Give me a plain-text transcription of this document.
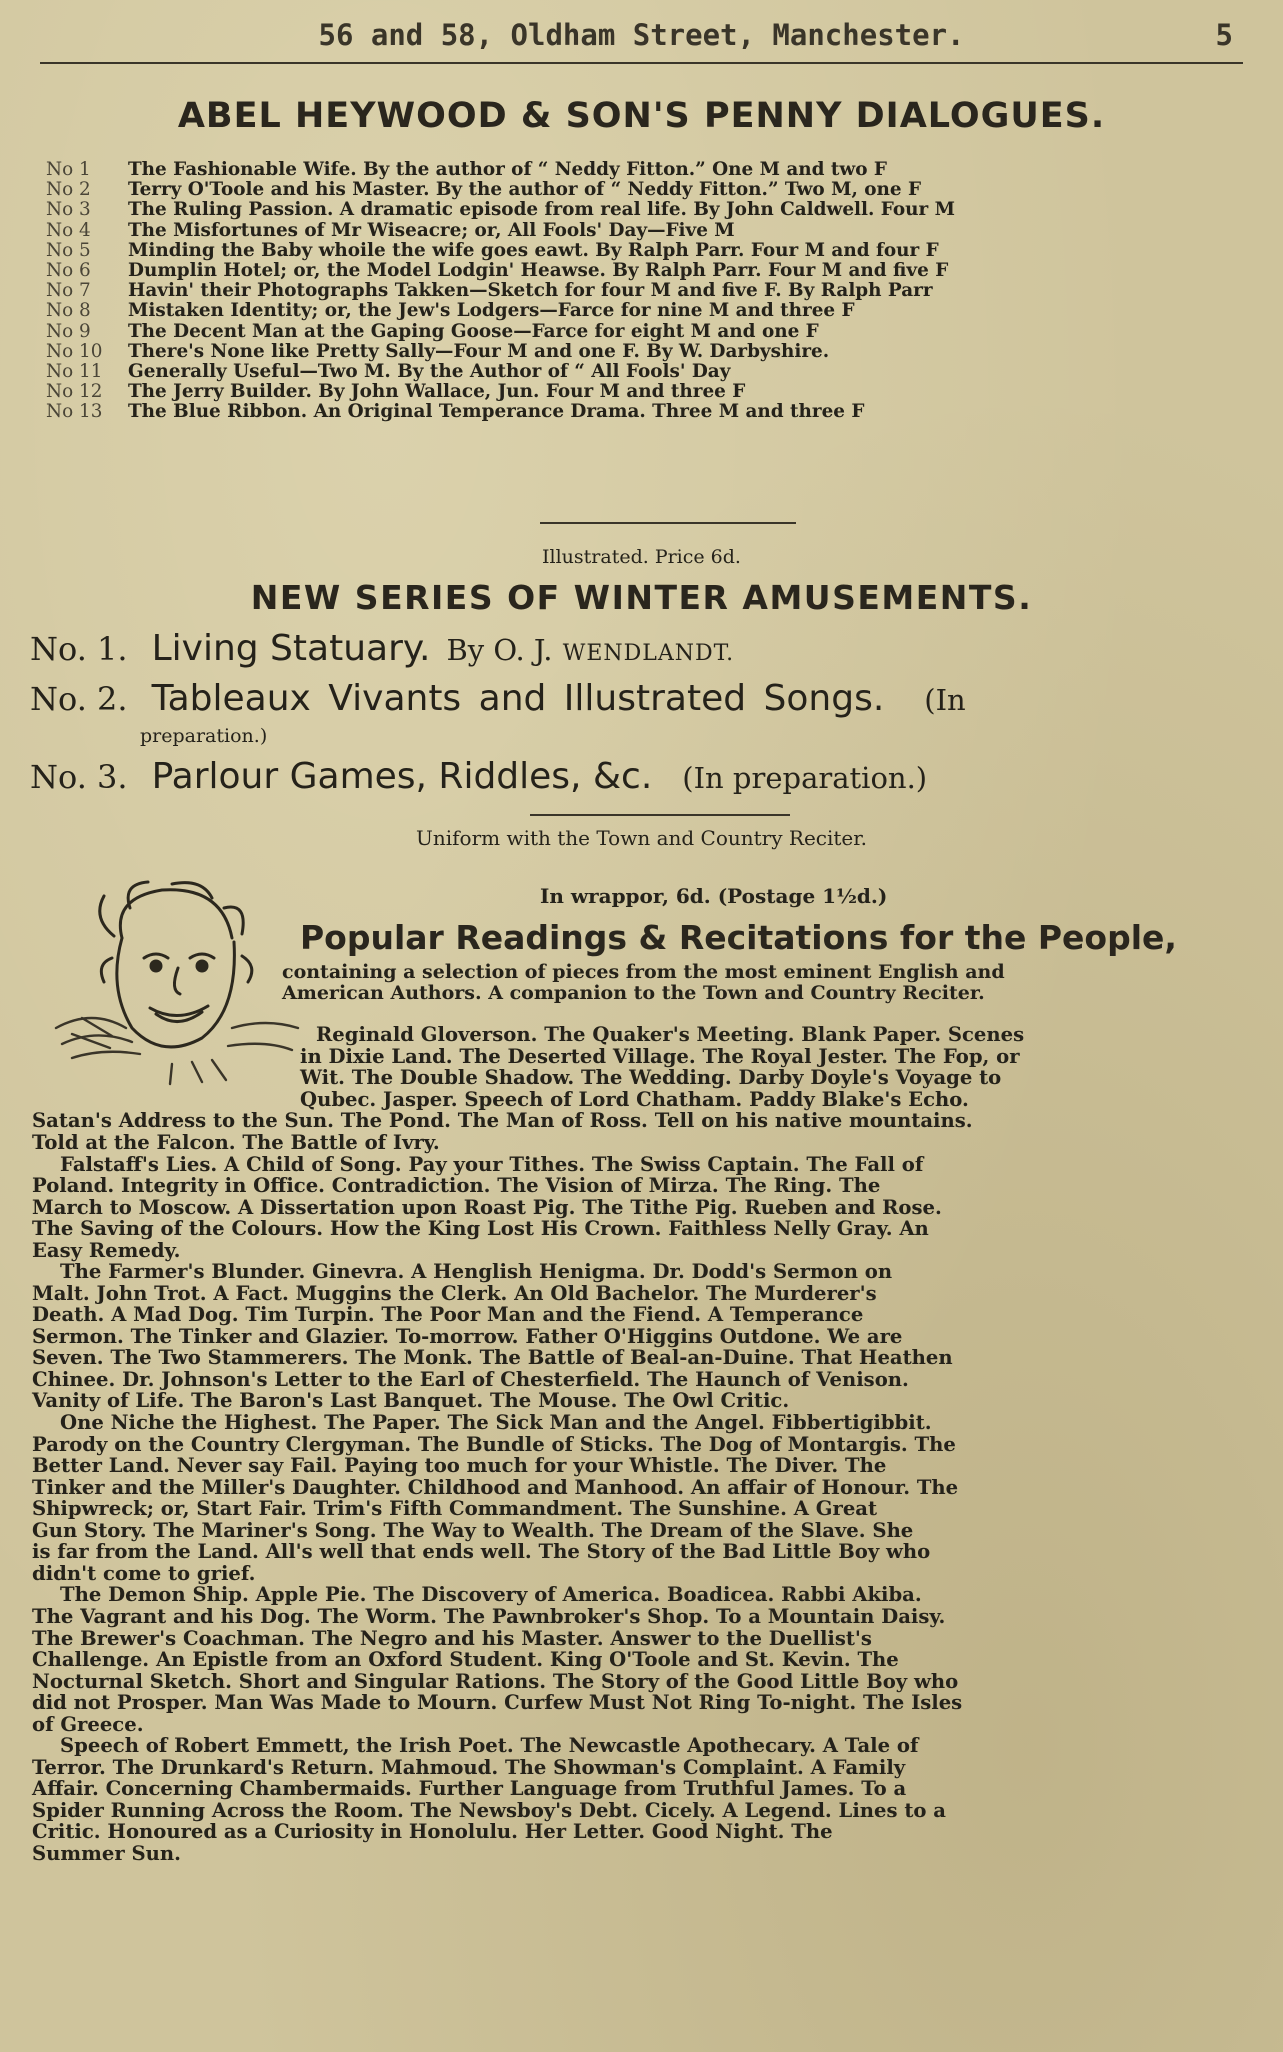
56 and 58, Oldham Street, Manchester.	5
ABEL HEYWOOD & SON'S PENNY DIALOGUES.
No 1	The Fashionable Wife. By the author of “ Neddy Fitton.” One M and two F
No 2	Terry O'Toole and his Master. By the author of “ Neddy Fitton.” Two M, one F
No 3	The Ruling Passion. A dramatic episode from real life. By John Caldwell. Four M
No 4	The Misfortunes of Mr Wiseacre; or, All Fools' Day—Five M
No 5	Minding the Baby whoile the wife goes eawt. By Ralph Parr. Four M and four F
No 6	Dumplin Hotel; or, the Model Lodgin' Heawse. By Ralph Parr. Four M and five F
No 7	Havin' their Photographs Takken—Sketch for four M and five F. By Ralph Parr
No 8	Mistaken Identity; or, the Jew's Lodgers—Farce for nine M and three F
No 9	The Decent Man at the Gaping Goose—Farce for eight M and one F
No 10	There's None like Pretty Sally—Four M and one F. By W. Darbyshire.
No 11	Generally Useful—Two M. By the Author of “ All Fools' Day
No 12	The Jerry Builder. By John Wallace, Jun. Four M and three F
No 13	The Blue Ribbon. An Original Temperance Drama. Three M and three F
Illustrated. Price 6d.
NEW SERIES OF WINTER AMUSEMENTS.
No. 1. Living Statuary. By O. J. WENDLANDT.
No. 2. Tableaux Vivants and Illustrated Songs. (In
preparation.)
No. 3. Parlour Games, Riddles, &c. (In preparation.)
Uniform with the Town and Country Reciter.
In wrappor, 6d. (Postage 1½d.)
Popular Readings & Recitations for the People,
containing a selection of pieces from the most eminent English and
American Authors. A companion to the Town and Country Reciter.
Reginald Gloverson. The Quaker's Meeting. Blank Paper. Scenes
in Dixie Land. The Deserted Village. The Royal Jester. The Fop, or
Wit. The Double Shadow. The Wedding. Darby Doyle's Voyage to
Qubec. Jasper. Speech of Lord Chatham. Paddy Blake's Echo.
Satan's Address to the Sun. The Pond. The Man of Ross. Tell on his native mountains.
Told at the Falcon. The Battle of Ivry.
Falstaff's Lies. A Child of Song. Pay your Tithes. The Swiss Captain. The Fall of
Poland. Integrity in Office. Contradiction. The Vision of Mirza. The Ring. The
March to Moscow. A Dissertation upon Roast Pig. The Tithe Pig. Rueben and Rose.
The Saving of the Colours. How the King Lost His Crown. Faithless Nelly Gray. An
Easy Remedy.
The Farmer's Blunder. Ginevra. A Henglish Henigma. Dr. Dodd's Sermon on
Malt. John Trot. A Fact. Muggins the Clerk. An Old Bachelor. The Murderer's
Death. A Mad Dog. Tim Turpin. The Poor Man and the Fiend. A Temperance
Sermon. The Tinker and Glazier. To-morrow. Father O'Higgins Outdone. We are
Seven. The Two Stammerers. The Monk. The Battle of Beal-an-Duine. That Heathen
Chinee. Dr. Johnson's Letter to the Earl of Chesterfield. The Haunch of Venison.
Vanity of Life. The Baron's Last Banquet. The Mouse. The Owl Critic.
One Niche the Highest. The Paper. The Sick Man and the Angel. Fibbertigibbit.
Parody on the Country Clergyman. The Bundle of Sticks. The Dog of Montargis. The
Better Land. Never say Fail. Paying too much for your Whistle. The Diver. The
Tinker and the Miller's Daughter. Childhood and Manhood. An affair of Honour. The
Shipwreck; or, Start Fair. Trim's Fifth Commandment. The Sunshine. A Great
Gun Story. The Mariner's Song. The Way to Wealth. The Dream of the Slave. She
is far from the Land. All's well that ends well. The Story of the Bad Little Boy who
didn't come to grief.
The Demon Ship. Apple Pie. The Discovery of America. Boadicea. Rabbi Akiba.
The Vagrant and his Dog. The Worm. The Pawnbroker's Shop. To a Mountain Daisy.
The Brewer's Coachman. The Negro and his Master. Answer to the Duellist's
Challenge. An Epistle from an Oxford Student. King O'Toole and St. Kevin. The
Nocturnal Sketch. Short and Singular Rations. The Story of the Good Little Boy who
did not Prosper. Man Was Made to Mourn. Curfew Must Not Ring To-night. The Isles
of Greece.
Speech of Robert Emmett, the Irish Poet. The Newcastle Apothecary. A Tale of
Terror. The Drunkard's Return. Mahmoud. The Showman's Complaint. A Family
Affair. Concerning Chambermaids. Further Language from Truthful James. To a
Spider Running Across the Room. The Newsboy's Debt. Cicely. A Legend. Lines to a
Critic. Honoured as a Curiosity in Honolulu. Her Letter. Good Night. The
Summer Sun.
